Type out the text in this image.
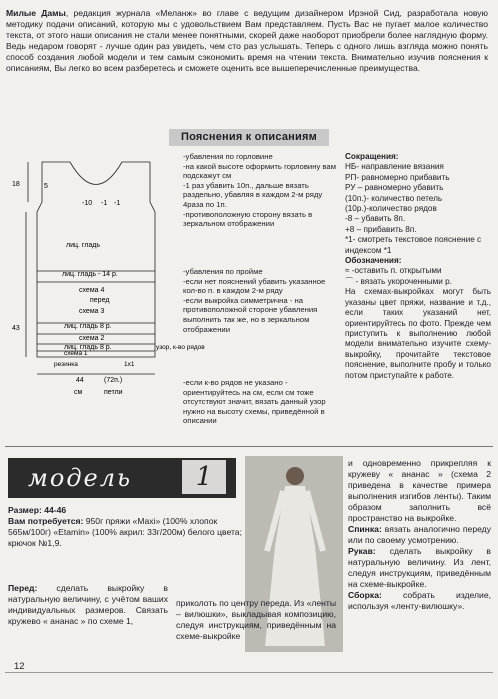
Милые Дамы, редакция журнала «Меланж» во главе с ведущим дизайнером Ирэной Сид, разработала новую методику подачи описаний, которую мы с удовольствием Вам представляем. Пусть Вас не пугает малое количество текста, от этого наши описания не стали менее понятными, скорей даже наоборот приобрели более наглядную форму. Ведь недаром говорят - лучше один раз увидеть, чем сто раз услышать. Теперь с одного лишь взгляда можно понять способ создания любой модели и тем самым сэкономить время на чтении текста. Внимательно изучив пояснения к описаниям, Вы легко во всем разберетесь и сможете оценить все вышеперечисленные преимущества.
Пояснения к описаниям
18	5
-10 -1 -1
лиц. гладь
лиц. гладь - 14 р.
схема 4
перед
схема 3
43	лиц. гладь 8 р.
схема 2
лиц. гладь 8 р.
схема 1
резинка	1x1
узор, к-во рядов
44	(72п.)
см	петли
-убавления по горловине
-на какой высоте оформить горловину вам подскажут см
-1 раз убавить 10п., дальше вязать раздельно, убавляя в каждом 2-м ряду 4раза по 1п.
-противоположную сторону вязать в зеркальном отображении
-убавления по пройме
-если нет пояснений убавить указанное кол-во п. в каждом 2-м ряду
-если выкройка симметрична - на противоположной стороне убавления выполнить так же, но в зеркальном отображении
-если к-во рядов не указано - ориентируйтесь на см, если см тоже отсутствуют значит, вязать данный узор нужно на высоту схемы, приведённой в описании
Сокращения:
НБ- направление вязания
РП- равномерно прибавить
РУ – равномерно убавить
(10п.)- количество петель
(10р.)-количество рядов
-8 – убавить 8п.
+8 – прибавить 8п.
*1- смотреть текстовое пояснение с индексом *1
Обозначения:
≈ -оставить п. открытыми
⌒ - вязать укороченными р.
На схемах-выкройках могут быть указаны цвет пряжи, название и т.д., если таких указаний нет, ориентируйтесь по фото. Прежде чем приступить к выполнению любой модели внимательно изучите схему-выкройку, прочитайте текстовое пояснение, выполните пробу и только потом приступайте к работе.
модель	1
Размер: 44-46
Вам потребуется: 950г пряжи «Maxi» (100% хлопок 565м/100г) «Etamin» (100% акрил: 33г/200м) белого цвета; крючок №1,9.
Перед: сделать выкройку в натуральную величину, с учётом ваших индивидуальных размеров. Связать кружево « ананас » по схеме 1,
приколоть по центру переда. Из «ленты – вилюшки», выкладывая композицию, следуя инструкциям, приведённым на схеме-выкройке
и одновременно прикрепляя к кружеву « ананас » (схема 2 приведена в качестве примера выполнения изгибов ленты). Таким образом заполнить всё пространство на выкройке.
Спинка: вязать аналогично переду или по своему усмотрению.
Рукав: сделать выкройку в натуральную величину. Из лент, следуя инструкциям, приведённым на схеме-выкройке.
Сборка: собрать изделие, используя «ленту-вилюшку».
12
